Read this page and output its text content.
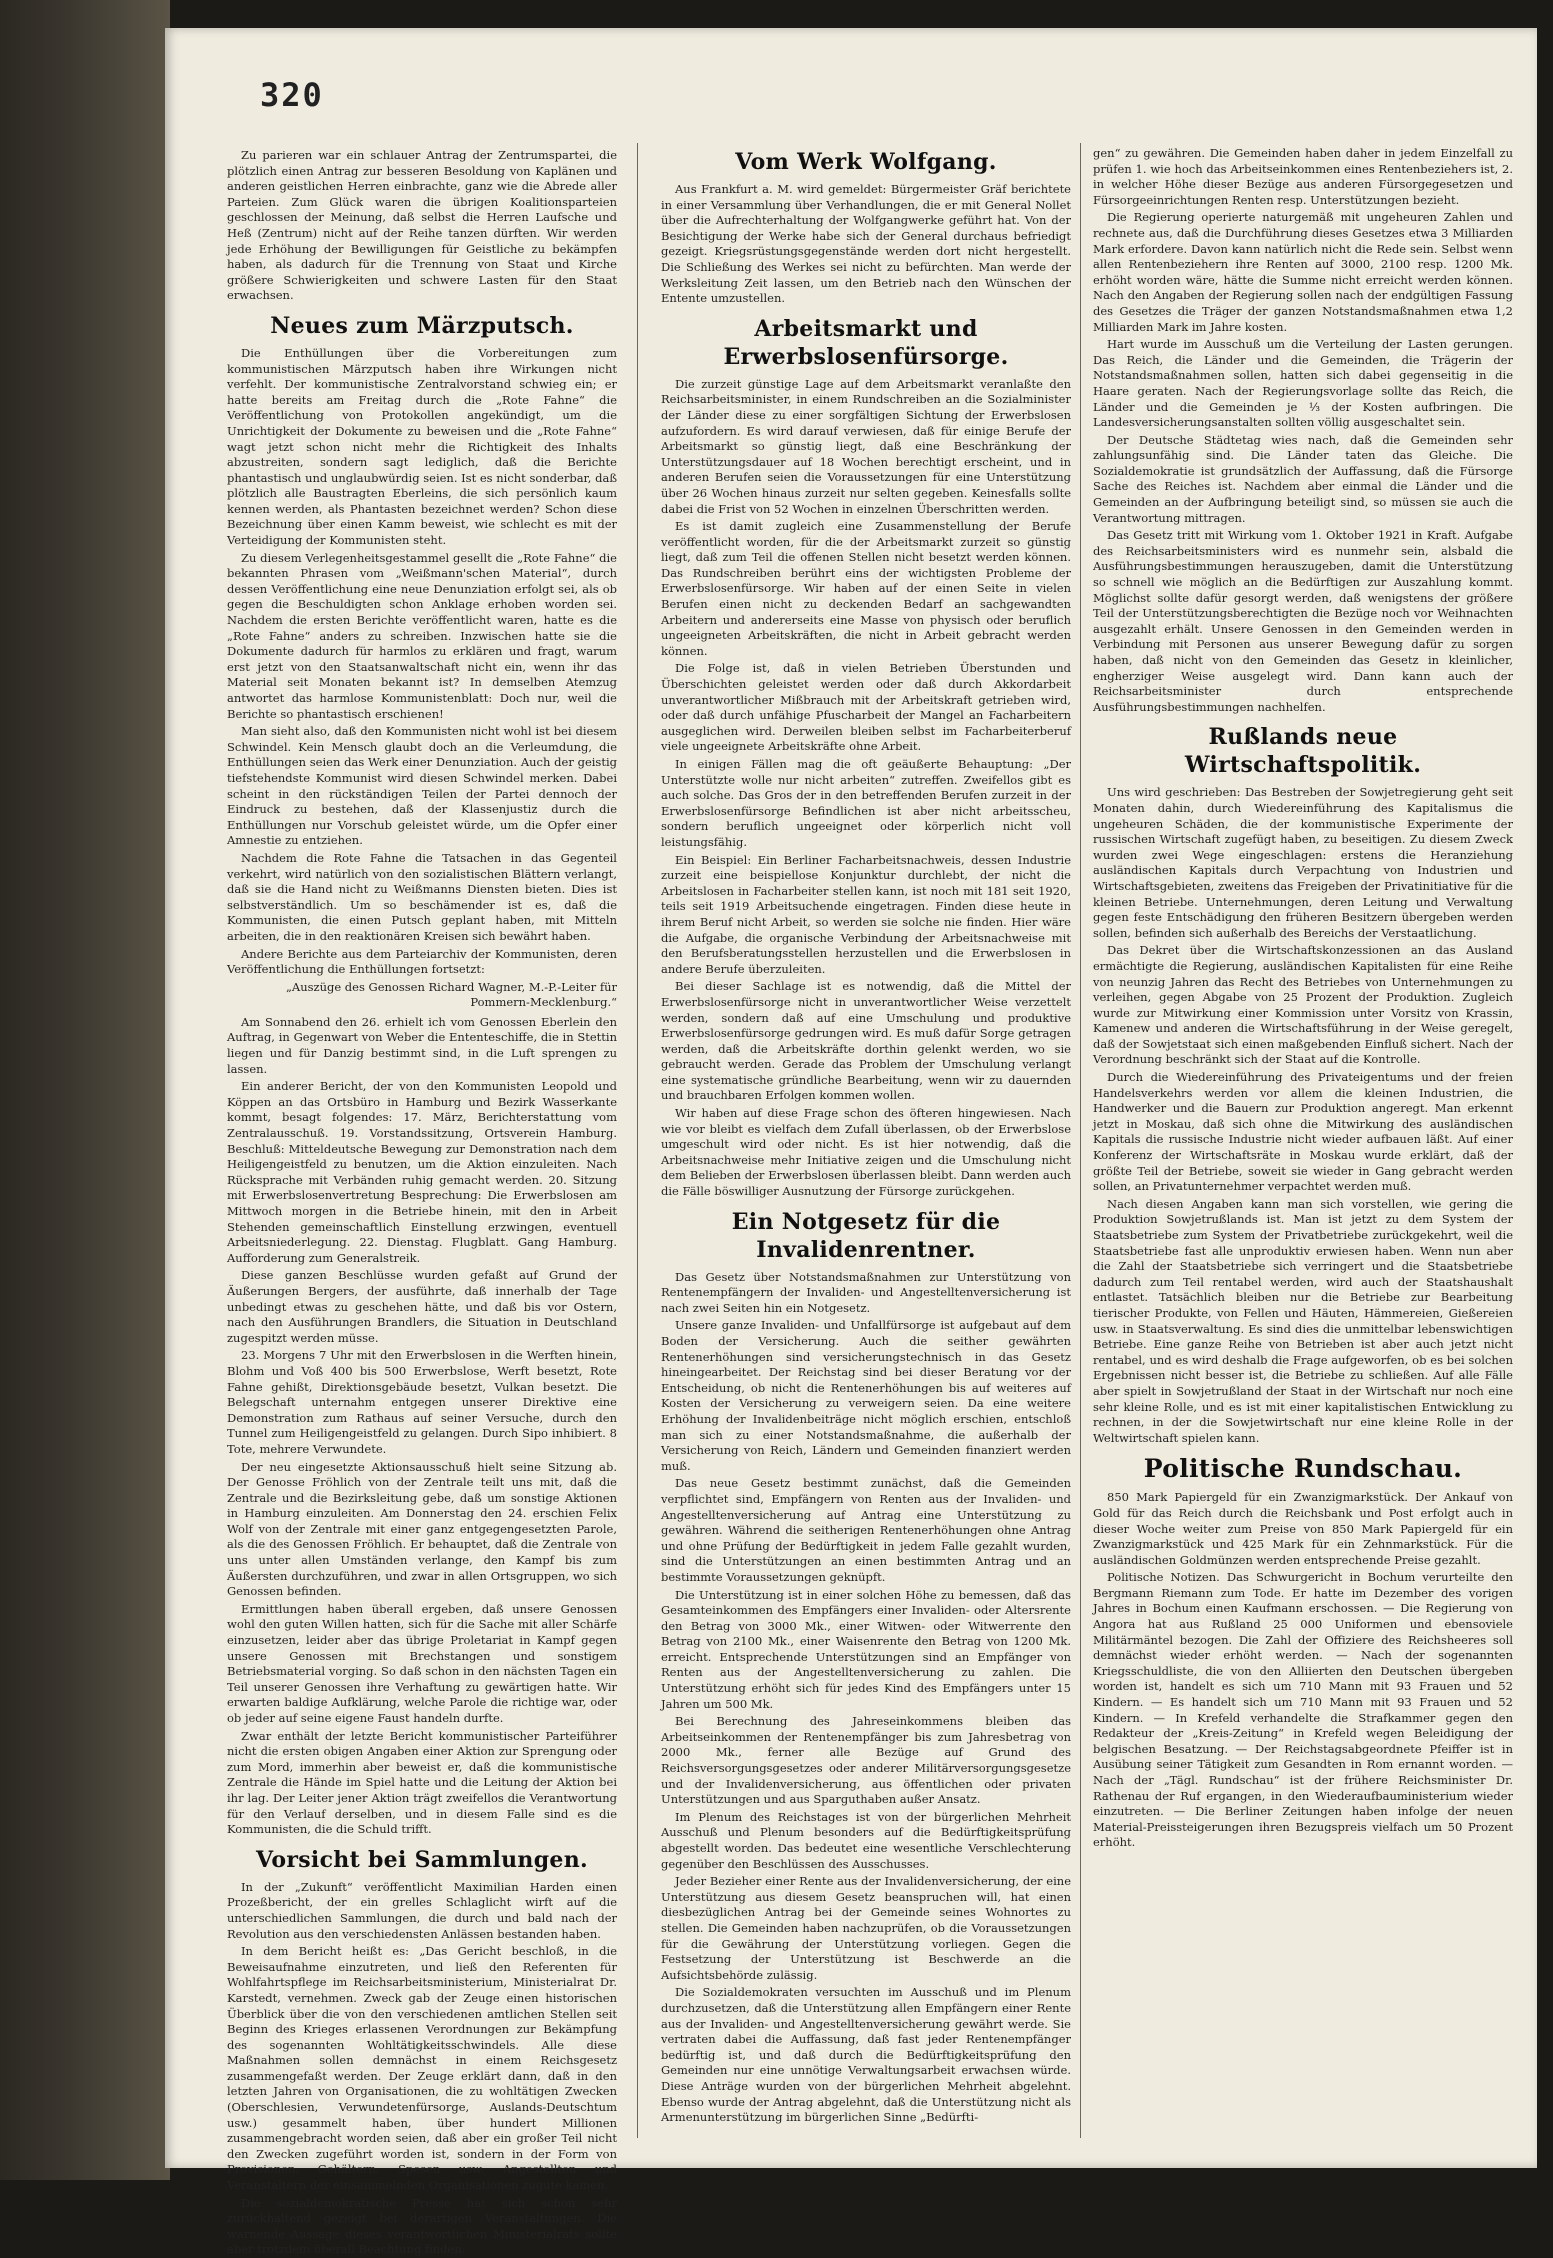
320

Zu parieren war ein schlauer Antrag der Zentrumspartei, die plötzlich einen Antrag zur besseren Besoldung von Kaplänen und anderen geistlichen Herren einbrachte, ganz wie die Abrede aller Parteien. Zum Glück waren die übrigen Koalitionsparteien geschlossen der Meinung, daß selbst die Herren Laufsche und Heß (Zentrum) nicht auf der Reihe tanzen dürften. Wir werden jede Erhöhung der Bewilligungen für Geistliche zu bekämpfen haben, als dadurch für die Trennung von Staat und Kirche größere Schwierigkeiten und schwere Lasten für den Staat erwachsen.

Neues zum Märzputsch.

Die Enthüllungen über die Vorbereitungen zum kommunistischen Märzputsch haben ihre Wirkungen nicht verfehlt. Der kommunistische Zentralvorstand schwieg ein; er hatte bereits am Freitag durch die „Rote Fahne“ die Veröffentlichung von Protokollen angekündigt, um die Unrichtigkeit der Dokumente zu beweisen und die „Rote Fahne“ wagt jetzt schon nicht mehr die Richtigkeit des Inhalts abzustreiten, sondern sagt lediglich, daß die Berichte phantastisch und unglaubwürdig seien. Ist es nicht sonderbar, daß plötzlich alle Baustragten Eberleins, die sich persönlich kaum kennen werden, als Phantasten bezeichnet werden? Schon diese Bezeichnung über einen Kamm beweist, wie schlecht es mit der Verteidigung der Kommunisten steht.

Zu diesem Verlegenheitsgestammel gesellt die „Rote Fahne“ die bekannten Phrasen vom „Weißmann'schen Material“, durch dessen Veröffentlichung eine neue Denunziation erfolgt sei, als ob gegen die Beschuldigten schon Anklage erhoben worden sei. Nachdem die ersten Berichte veröffentlicht waren, hatte es die „Rote Fahne“ anders zu schreiben. Inzwischen hatte sie die Dokumente dadurch für harmlos zu erklären und fragt, warum erst jetzt von den Staatsanwaltschaft nicht ein, wenn ihr das Material seit Monaten bekannt ist? In demselben Atemzug antwortet das harmlose Kommunistenblatt: Doch nur, weil die Berichte so phantastisch erschienen!

Man sieht also, daß den Kommunisten nicht wohl ist bei diesem Schwindel. Kein Mensch glaubt doch an die Verleumdung, die Enthüllungen seien das Werk einer Denunziation. Auch der geistig tiefstehendste Kommunist wird diesen Schwindel merken. Dabei scheint in den rückständigen Teilen der Partei dennoch der Eindruck zu bestehen, daß der Klassenjustiz durch die Enthüllungen nur Vorschub geleistet würde, um die Opfer einer Amnestie zu entziehen.

Nachdem die Rote Fahne die Tatsachen in das Gegenteil verkehrt, wird natürlich von den sozialistischen Blättern verlangt, daß sie die Hand nicht zu Weißmanns Diensten bieten. Dies ist selbstverständlich. Um so beschämender ist es, daß die Kommunisten, die einen Putsch geplant haben, mit Mitteln arbeiten, die in den reaktionären Kreisen sich bewährt haben.

Andere Berichte aus dem Parteiarchiv der Kommunisten, deren Veröffentlichung die Enthüllungen fortsetzt:

„Auszüge des Genossen Richard Wagner, M.-P.-Leiter für Pommern-Mecklenburg.“

Am Sonnabend den 26. erhielt ich vom Genossen Eberlein den Auftrag, in Gegenwart von Weber die Ententeschiffe, die in Stettin liegen und für Danzig bestimmt sind, in die Luft sprengen zu lassen.

Ein anderer Bericht, der von den Kommunisten Leopold und Köppen an das Ortsbüro in Hamburg und Bezirk Wasserkante kommt, besagt folgendes: 17. März, Berichterstattung vom Zentralausschuß. 19. Vorstandssitzung, Ortsverein Hamburg. Beschluß: Mitteldeutsche Bewegung zur Demonstration nach dem Heiligengeistfeld zu benutzen, um die Aktion einzuleiten. Nach Rücksprache mit Verbänden ruhig gemacht werden. 20. Sitzung mit Erwerbslosenvertretung Besprechung: Die Erwerbslosen am Mittwoch morgen in die Betriebe hinein, mit den in Arbeit Stehenden gemeinschaftlich Einstellung erzwingen, eventuell Arbeitsniederlegung. 22. Dienstag. Flugblatt. Gang Hamburg. Aufforderung zum Generalstreik.

Diese ganzen Beschlüsse wurden gefaßt auf Grund der Äußerungen Bergers, der ausführte, daß innerhalb der Tage unbedingt etwas zu geschehen hätte, und daß bis vor Ostern, nach den Ausführungen Brandlers, die Situation in Deutschland zugespitzt werden müsse.

23. Morgens 7 Uhr mit den Erwerbslosen in die Werften hinein, Blohm und Voß 400 bis 500 Erwerbslose, Werft besetzt, Rote Fahne gehißt, Direktionsgebäude besetzt, Vulkan besetzt. Die Belegschaft unternahm entgegen unserer Direktive eine Demonstration zum Rathaus auf seiner Versuche, durch den Tunnel zum Heiligengeistfeld zu gelangen. Durch Sipo inhibiert. 8 Tote, mehrere Verwundete.

Der neu eingesetzte Aktionsausschuß hielt seine Sitzung ab. Der Genosse Fröhlich von der Zentrale teilt uns mit, daß die Zentrale und die Bezirksleitung gebe, daß um sonstige Aktionen in Hamburg einzuleiten. Am Donnerstag den 24. erschien Felix Wolf von der Zentrale mit einer ganz entgegengesetzten Parole, als die des Genossen Fröhlich. Er behauptet, daß die Zentrale von uns unter allen Umständen verlange, den Kampf bis zum Äußersten durchzuführen, und zwar in allen Ortsgruppen, wo sich Genossen befinden.

Ermittlungen haben überall ergeben, daß unsere Genossen wohl den guten Willen hatten, sich für die Sache mit aller Schärfe einzusetzen, leider aber das übrige Proletariat in Kampf gegen unsere Genossen mit Brechstangen und sonstigem Betriebsmaterial vorging. So daß schon in den nächsten Tagen ein Teil unserer Genossen ihre Verhaftung zu gewärtigen hatte. Wir erwarten baldige Aufklärung, welche Parole die richtige war, oder ob jeder auf seine eigene Faust handeln durfte.

Zwar enthält der letzte Bericht kommunistischer Parteiführer nicht die ersten obigen Angaben einer Aktion zur Sprengung oder zum Mord, immerhin aber beweist er, daß die kommunistische Zentrale die Hände im Spiel hatte und die Leitung der Aktion bei ihr lag. Der Leiter jener Aktion trägt zweifellos die Verantwortung für den Verlauf derselben, und in diesem Falle sind es die Kommunisten, die die Schuld trifft.

Vorsicht bei Sammlungen.

In der „Zukunft“ veröffentlicht Maximilian Harden einen Prozeßbericht, der ein grelles Schlaglicht wirft auf die unterschiedlichen Sammlungen, die durch und bald nach der Revolution aus den verschiedensten Anlässen bestanden haben.

In dem Bericht heißt es: „Das Gericht beschloß, in die Beweisaufnahme einzutreten, und ließ den Referenten für Wohlfahrtspflege im Reichsarbeitsministerium, Ministerialrat Dr. Karstedt, vernehmen. Zweck gab der Zeuge einen historischen Überblick über die von den verschiedenen amtlichen Stellen seit Beginn des Krieges erlassenen Verordnungen zur Bekämpfung des sogenannten Wohltätigkeitsschwindels. Alle diese Maßnahmen sollen demnächst in einem Reichsgesetz zusammengefaßt werden. Der Zeuge erklärt dann, daß in den letzten Jahren von Organisationen, die zu wohltätigen Zwecken (Oberschlesien, Verwundetenfürsorge, Auslands-Deutschtum usw.) gesammelt haben, über hundert Millionen zusammengebracht worden seien, daß aber ein großer Teil nicht den Zwecken zugeführt worden ist, sondern in der Form von Provisionen, Gehältern, Spesen usw. Angestellten und Veranstaltern der einsammelnden Organisationen zugute kamen.

Die sozialdemokratische Presse hat sich schon sehr zurückhaltend gezeigt bei derartigen Veranstaltungen. Die warnende Aussage dieses verantwortlichen Ministerialrats sollte aber trotzdem überall Beachtung finden.

Vom Werk Wolfgang.

Aus Frankfurt a. M. wird gemeldet: Bürgermeister Gräf berichtete in einer Versammlung über Verhandlungen, die er mit General Nollet über die Aufrechterhaltung der Wolfgangwerke geführt hat. Von der Besichtigung der Werke habe sich der General durchaus befriedigt gezeigt. Kriegsrüstungsgegenstände werden dort nicht hergestellt. Die Schließung des Werkes sei nicht zu befürchten. Man werde der Werksleitung Zeit lassen, um den Betrieb nach den Wünschen der Entente umzustellen.

Arbeitsmarkt und Erwerbslosenfürsorge.

Die zurzeit günstige Lage auf dem Arbeitsmarkt veranlaßte den Reichsarbeitsminister, in einem Rundschreiben an die Sozialminister der Länder diese zu einer sorgfältigen Sichtung der Erwerbslosen aufzufordern. Es wird darauf verwiesen, daß für einige Berufe der Arbeitsmarkt so günstig liegt, daß eine Beschränkung der Unterstützungsdauer auf 18 Wochen berechtigt erscheint, und in anderen Berufen seien die Voraussetzungen für eine Unterstützung über 26 Wochen hinaus zurzeit nur selten gegeben. Keinesfalls sollte dabei die Frist von 52 Wochen in einzelnen Überschritten werden.

Es ist damit zugleich eine Zusammenstellung der Berufe veröffentlicht worden, für die der Arbeitsmarkt zurzeit so günstig liegt, daß zum Teil die offenen Stellen nicht besetzt werden können. Das Rundschreiben berührt eins der wichtigsten Probleme der Erwerbslosenfürsorge. Wir haben auf der einen Seite in vielen Berufen einen nicht zu deckenden Bedarf an sachgewandten Arbeitern und andererseits eine Masse von physisch oder beruflich ungeeigneten Arbeitskräften, die nicht in Arbeit gebracht werden können.

Die Folge ist, daß in vielen Betrieben Überstunden und Überschichten geleistet werden oder daß durch Akkordarbeit unverantwortlicher Mißbrauch mit der Arbeitskraft getrieben wird, oder daß durch unfähige Pfuscharbeit der Mangel an Facharbeitern ausgeglichen wird. Derweilen bleiben selbst im Facharbeiterberuf viele ungeeignete Arbeitskräfte ohne Arbeit.

In einigen Fällen mag die oft geäußerte Behauptung: „Der Unterstützte wolle nur nicht arbeiten“ zutreffen. Zweifellos gibt es auch solche. Das Gros der in den betreffenden Berufen zurzeit in der Erwerbslosenfürsorge Befindlichen ist aber nicht arbeitsscheu, sondern beruflich ungeeignet oder körperlich nicht voll leistungsfähig.

Ein Beispiel: Ein Berliner Facharbeitsnachweis, dessen Industrie zurzeit eine beispiellose Konjunktur durchlebt, der nicht die Arbeitslosen in Facharbeiter stellen kann, ist noch mit 181 seit 1920, teils seit 1919 Arbeitsuchende eingetragen. Finden diese heute in ihrem Beruf nicht Arbeit, so werden sie solche nie finden. Hier wäre die Aufgabe, die organische Verbindung der Arbeitsnachweise mit den Berufsberatungsstellen herzustellen und die Erwerbslosen in andere Berufe überzuleiten.

Bei dieser Sachlage ist es notwendig, daß die Mittel der Erwerbslosenfürsorge nicht in unverantwortlicher Weise verzettelt werden, sondern daß auf eine Umschulung und produktive Erwerbslosenfürsorge gedrungen wird. Es muß dafür Sorge getragen werden, daß die Arbeitskräfte dorthin gelenkt werden, wo sie gebraucht werden. Gerade das Problem der Umschulung verlangt eine systematische gründliche Bearbeitung, wenn wir zu dauernden und brauchbaren Erfolgen kommen wollen.

Wir haben auf diese Frage schon des öfteren hingewiesen. Nach wie vor bleibt es vielfach dem Zufall überlassen, ob der Erwerbslose umgeschult wird oder nicht. Es ist hier notwendig, daß die Arbeitsnachweise mehr Initiative zeigen und die Umschulung nicht dem Belieben der Erwerbslosen überlassen bleibt. Dann werden auch die Fälle böswilliger Ausnutzung der Fürsorge zurückgehen.

Ein Notgesetz für die Invalidenrentner.

Das Gesetz über Notstandsmaßnahmen zur Unterstützung von Rentenempfängern der Invaliden- und Angestelltenversicherung ist nach zwei Seiten hin ein Notgesetz.

Unsere ganze Invaliden- und Unfallfürsorge ist aufgebaut auf dem Boden der Versicherung. Auch die seither gewährten Rentenerhöhungen sind versicherungstechnisch in das Gesetz hineingearbeitet. Der Reichstag sind bei dieser Beratung vor der Entscheidung, ob nicht die Rentenerhöhungen bis auf weiteres auf Kosten der Versicherung zu verweigern seien. Da eine weitere Erhöhung der Invalidenbeiträge nicht möglich erschien, entschloß man sich zu einer Notstandsmaßnahme, die außerhalb der Versicherung von Reich, Ländern und Gemeinden finanziert werden muß.

Das neue Gesetz bestimmt zunächst, daß die Gemeinden verpflichtet sind, Empfängern von Renten aus der Invaliden- und Angestelltenversicherung auf Antrag eine Unterstützung zu gewähren. Während die seitherigen Rentenerhöhungen ohne Antrag und ohne Prüfung der Bedürftigkeit in jedem Falle gezahlt wurden, sind die Unterstützungen an einen bestimmten Antrag und an bestimmte Voraussetzungen geknüpft.

Die Unterstützung ist in einer solchen Höhe zu bemessen, daß das Gesamteinkommen des Empfängers einer Invaliden- oder Altersrente den Betrag von 3000 Mk., einer Witwen- oder Witwerrente den Betrag von 2100 Mk., einer Waisenrente den Betrag von 1200 Mk. erreicht. Entsprechende Unterstützungen sind an Empfänger von Renten aus der Angestelltenversicherung zu zahlen. Die Unterstützung erhöht sich für jedes Kind des Empfängers unter 15 Jahren um 500 Mk.

Bei Berechnung des Jahreseinkommens bleiben das Arbeitseinkommen der Rentenempfänger bis zum Jahresbetrag von 2000 Mk., ferner alle Bezüge auf Grund des Reichsversorgungsgesetzes oder anderer Militärversorgungsgesetze und der Invalidenversicherung, aus öffentlichen oder privaten Unterstützungen und aus Sparguthaben außer Ansatz.

Im Plenum des Reichstages ist von der bürgerlichen Mehrheit Ausschuß und Plenum besonders auf die Bedürftigkeitsprüfung abgestellt worden. Das bedeutet eine wesentliche Verschlechterung gegenüber den Beschlüssen des Ausschusses.

Jeder Bezieher einer Rente aus der Invalidenversicherung, der eine Unterstützung aus diesem Gesetz beanspruchen will, hat einen diesbezüglichen Antrag bei der Gemeinde seines Wohnortes zu stellen. Die Gemeinden haben nachzuprüfen, ob die Voraussetzungen für die Gewährung der Unterstützung vorliegen. Gegen die Festsetzung der Unterstützung ist Beschwerde an die Aufsichtsbehörde zulässig.

Die Sozialdemokraten versuchten im Ausschuß und im Plenum durchzusetzen, daß die Unterstützung allen Empfängern einer Rente aus der Invaliden- und Angestelltenversicherung gewährt werde. Sie vertraten dabei die Auffassung, daß fast jeder Rentenempfänger bedürftig ist, und daß durch die Bedürftigkeitsprüfung den Gemeinden nur eine unnötige Verwaltungsarbeit erwachsen würde. Diese Anträge wurden von der bürgerlichen Mehrheit abgelehnt. Ebenso wurde der Antrag abgelehnt, daß die Unterstützung nicht als Armenunterstützung im bürgerlichen Sinne „Bedürfti-

gen“ zu gewähren. Die Gemeinden haben daher in jedem Einzelfall zu prüfen 1. wie hoch das Arbeitseinkommen eines Rentenbeziehers ist, 2. in welcher Höhe dieser Bezüge aus anderen Fürsorgegesetzen und Fürsorgeeinrichtungen Renten resp. Unterstützungen bezieht.

Die Regierung operierte naturgemäß mit ungeheuren Zahlen und rechnete aus, daß die Durchführung dieses Gesetzes etwa 3 Milliarden Mark erfordere. Davon kann natürlich nicht die Rede sein. Selbst wenn allen Rentenbeziehern ihre Renten auf 3000, 2100 resp. 1200 Mk. erhöht worden wäre, hätte die Summe nicht erreicht werden können. Nach den Angaben der Regierung sollen nach der endgültigen Fassung des Gesetzes die Träger der ganzen Notstandsmaßnahmen etwa 1,2 Milliarden Mark im Jahre kosten.

Hart wurde im Ausschuß um die Verteilung der Lasten gerungen. Das Reich, die Länder und die Gemeinden, die Trägerin der Notstandsmaßnahmen sollen, hatten sich dabei gegenseitig in die Haare geraten. Nach der Regierungsvorlage sollte das Reich, die Länder und die Gemeinden je ⅓ der Kosten aufbringen. Die Landesversicherungsanstalten sollten völlig ausgeschaltet sein.

Der Deutsche Städtetag wies nach, daß die Gemeinden sehr zahlungsunfähig sind. Die Länder taten das Gleiche. Die Sozialdemokratie ist grundsätzlich der Auffassung, daß die Fürsorge Sache des Reiches ist. Nachdem aber einmal die Länder und die Gemeinden an der Aufbringung beteiligt sind, so müssen sie auch die Verantwortung mittragen.

Das Gesetz tritt mit Wirkung vom 1. Oktober 1921 in Kraft. Aufgabe des Reichsarbeitsministers wird es nunmehr sein, alsbald die Ausführungsbestimmungen herauszugeben, damit die Unterstützung so schnell wie möglich an die Bedürftigen zur Auszahlung kommt. Möglichst sollte dafür gesorgt werden, daß wenigstens der größere Teil der Unterstützungsberechtigten die Bezüge noch vor Weihnachten ausgezahlt erhält. Unsere Genossen in den Gemeinden werden in Verbindung mit Personen aus unserer Bewegung dafür zu sorgen haben, daß nicht von den Gemeinden das Gesetz in kleinlicher, engherziger Weise ausgelegt wird. Dann kann auch der Reichsarbeitsminister durch entsprechende Ausführungsbestimmungen nachhelfen.

Rußlands neue Wirtschaftspolitik.

Uns wird geschrieben: Das Bestreben der Sowjetregierung geht seit Monaten dahin, durch Wiedereinführung des Kapitalismus die ungeheuren Schäden, die der kommunistische Experimente der russischen Wirtschaft zugefügt haben, zu beseitigen. Zu diesem Zweck wurden zwei Wege eingeschlagen: erstens die Heranziehung ausländischen Kapitals durch Verpachtung von Industrien und Wirtschaftsgebieten, zweitens das Freigeben der Privatinitiative für die kleinen Betriebe. Unternehmungen, deren Leitung und Verwaltung gegen feste Entschädigung den früheren Besitzern übergeben werden sollen, befinden sich außerhalb des Bereichs der Verstaatlichung.

Das Dekret über die Wirtschaftskonzessionen an das Ausland ermächtigte die Regierung, ausländischen Kapitalisten für eine Reihe von neunzig Jahren das Recht des Betriebes von Unternehmungen zu verleihen, gegen Abgabe von 25 Prozent der Produktion. Zugleich wurde zur Mitwirkung einer Kommission unter Vorsitz von Krassin, Kamenew und anderen die Wirtschaftsführung in der Weise geregelt, daß der Sowjetstaat sich einen maßgebenden Einfluß sichert. Nach der Verordnung beschränkt sich der Staat auf die Kontrolle.

Durch die Wiedereinführung des Privateigentums und der freien Handelsverkehrs werden vor allem die kleinen Industrien, die Handwerker und die Bauern zur Produktion angeregt. Man erkennt jetzt in Moskau, daß sich ohne die Mitwirkung des ausländischen Kapitals die russische Industrie nicht wieder aufbauen läßt. Auf einer Konferenz der Wirtschaftsräte in Moskau wurde erklärt, daß der größte Teil der Betriebe, soweit sie wieder in Gang gebracht werden sollen, an Privatunternehmer verpachtet werden muß.

Nach diesen Angaben kann man sich vorstellen, wie gering die Produktion Sowjetrußlands ist. Man ist jetzt zu dem System der Staatsbetriebe zum System der Privatbetriebe zurückgekehrt, weil die Staatsbetriebe fast alle unproduktiv erwiesen haben. Wenn nun aber die Zahl der Staatsbetriebe sich verringert und die Staatsbetriebe dadurch zum Teil rentabel werden, wird auch der Staatshaushalt entlastet. Tatsächlich bleiben nur die Betriebe zur Bearbeitung tierischer Produkte, von Fellen und Häuten, Hämmereien, Gießereien usw. in Staatsverwaltung. Es sind dies die unmittelbar lebenswichtigen Betriebe. Eine ganze Reihe von Betrieben ist aber auch jetzt nicht rentabel, und es wird deshalb die Frage aufgeworfen, ob es bei solchen Ergebnissen nicht besser ist, die Betriebe zu schließen. Auf alle Fälle aber spielt in Sowjetrußland der Staat in der Wirtschaft nur noch eine sehr kleine Rolle, und es ist mit einer kapitalistischen Entwicklung zu rechnen, in der die Sowjetwirtschaft nur eine kleine Rolle in der Weltwirtschaft spielen kann.

Politische Rundschau.

850 Mark Papiergeld für ein Zwanzigmarkstück. Der Ankauf von Gold für das Reich durch die Reichsbank und Post erfolgt auch in dieser Woche weiter zum Preise von 850 Mark Papiergeld für ein Zwanzigmarkstück und 425 Mark für ein Zehnmarkstück. Für die ausländischen Goldmünzen werden entsprechende Preise gezahlt.

Politische Notizen. Das Schwurgericht in Bochum verurteilte den Bergmann Riemann zum Tode. Er hatte im Dezember des vorigen Jahres in Bochum einen Kaufmann erschossen. — Die Regierung von Angora hat aus Rußland 25 000 Uniformen und ebensoviele Militärmäntel bezogen. Die Zahl der Offiziere des Reichsheeres soll demnächst wieder erhöht werden. — Nach der sogenannten Kriegsschuldliste, die von den Alliierten den Deutschen übergeben worden ist, handelt es sich um 710 Mann mit 93 Frauen und 52 Kindern. — Es handelt sich um 710 Mann mit 93 Frauen und 52 Kindern. — In Krefeld verhandelte die Strafkammer gegen den Redakteur der „Kreis-Zeitung“ in Krefeld wegen Beleidigung der belgischen Besatzung. — Der Reichstagsabgeordnete Pfeiffer ist in Ausübung seiner Tätigkeit zum Gesandten in Rom ernannt worden. — Nach der „Tägl. Rundschau“ ist der frühere Reichsminister Dr. Rathenau der Ruf ergangen, in den Wiederaufbauministerium wieder einzutreten. — Die Berliner Zeitungen haben infolge der neuen Material-Preissteigerungen ihren Bezugspreis vielfach um 50 Prozent erhöht.
